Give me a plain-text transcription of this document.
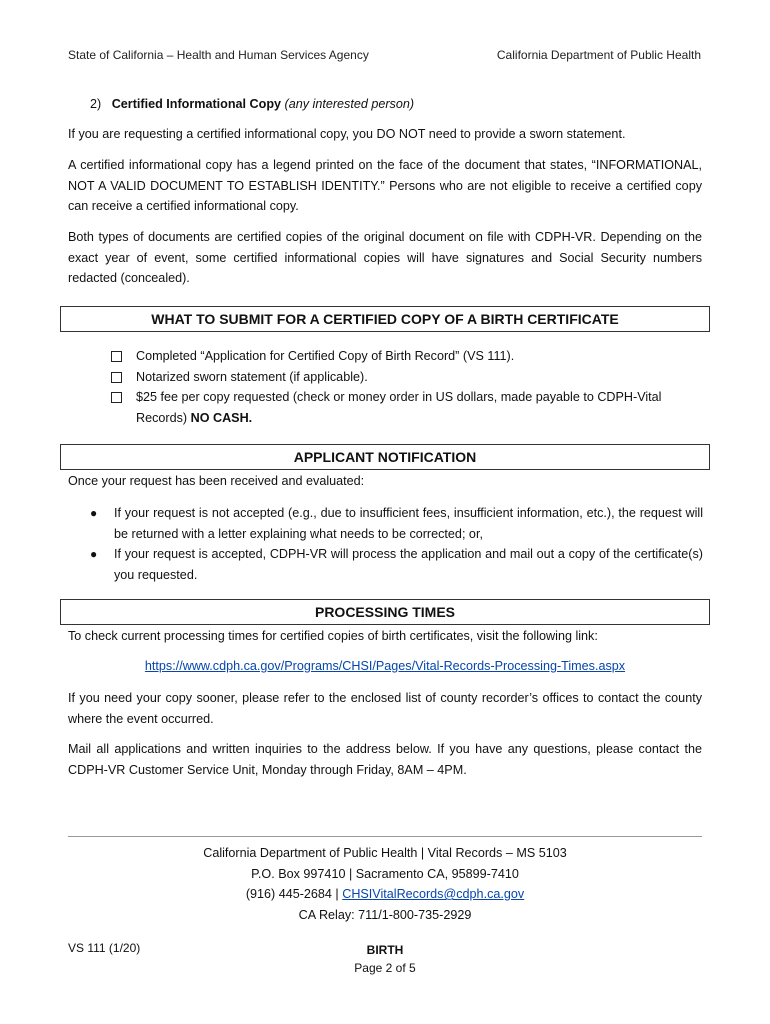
State of California – Health and Human Services Agency	California Department of Public Health
2) Certified Informational Copy (any interested person)

If you are requesting a certified informational copy, you DO NOT need to provide a sworn statement.

A certified informational copy has a legend printed on the face of the document that states, “INFORMATIONAL, NOT A VALID DOCUMENT TO ESTABLISH IDENTITY.” Persons who are not eligible to receive a certified copy can receive a certified informational copy.

Both types of documents are certified copies of the original document on file with CDPH-VR. Depending on the exact year of event, some certified informational copies will have signatures and Social Security numbers redacted (concealed).

WHAT TO SUBMIT FOR A CERTIFIED COPY OF A BIRTH CERTIFICATE
Completed “Application for Certified Copy of Birth Record” (VS 111).
Notarized sworn statement (if applicable).
$25 fee per copy requested (check or money order in US dollars, made payable to CDPH-Vital Records) NO CASH.
APPLICANT NOTIFICATION

Once your request has been received and evaluated:

● If your request is not accepted (e.g., due to insufficient fees, insufficient information, etc.), the request will be returned with a letter explaining what needs to be corrected; or,
● If your request is accepted, CDPH-VR will process the application and mail out a copy of the certificate(s) you requested.
PROCESSING TIMES

To check current processing times for certified copies of birth certificates, visit the following link:

https://www.cdph.ca.gov/Programs/CHSI/Pages/Vital-Records-Processing-Times.aspx

If you need your copy sooner, please refer to the enclosed list of county recorder’s offices to contact the county where the event occurred.

Mail all applications and written inquiries to the address below. If you have any questions, please contact the CDPH-VR Customer Service Unit, Monday through Friday, 8AM – 4PM.

California Department of Public Health | Vital Records – MS 5103
P.O. Box 997410 | Sacramento CA, 95899-7410
(916) 445-2684 | CHSIVitalRecords@cdph.ca.gov
CA Relay: 711/1-800-735-2929
VS 111 (1/20)	BIRTH
Page 2 of 5
